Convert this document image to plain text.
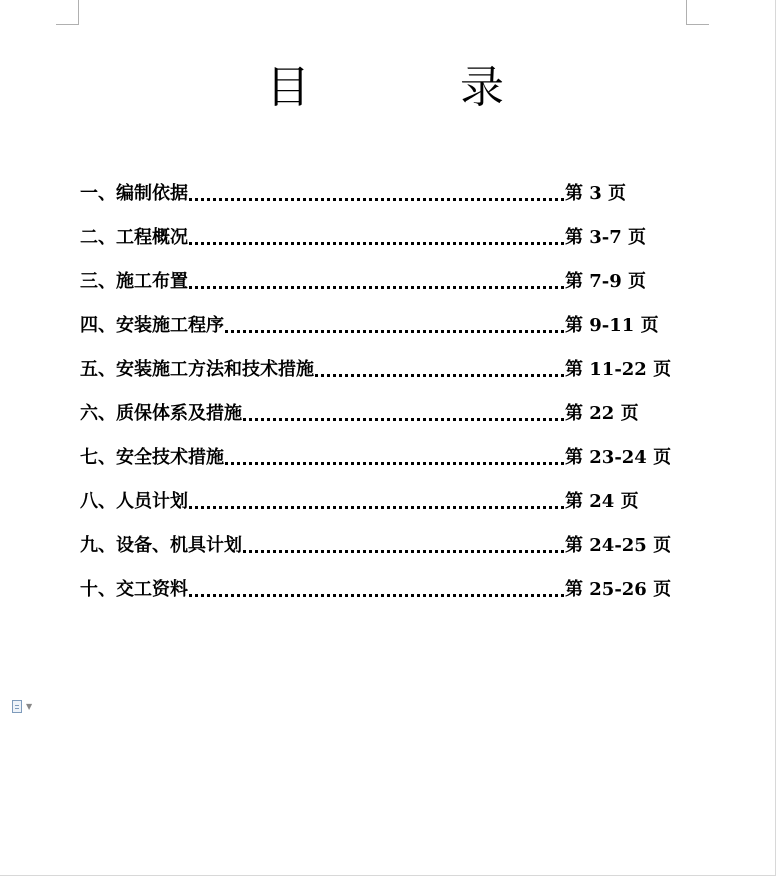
目	录
一、编制依据	第 3 页
二、工程概况	第 3-7 页
三、施工布置	第 7-9 页
四、安装施工程序	第 9-11 页
五、安装施工方法和技术措施	第 11-22 页
六、质保体系及措施	第 22 页
七、安全技术措施	第 23-24 页
八、人员计划	第 24 页
九、设备、机具计划	第 24-25 页
十、交工资料	第 25-26 页
▼
